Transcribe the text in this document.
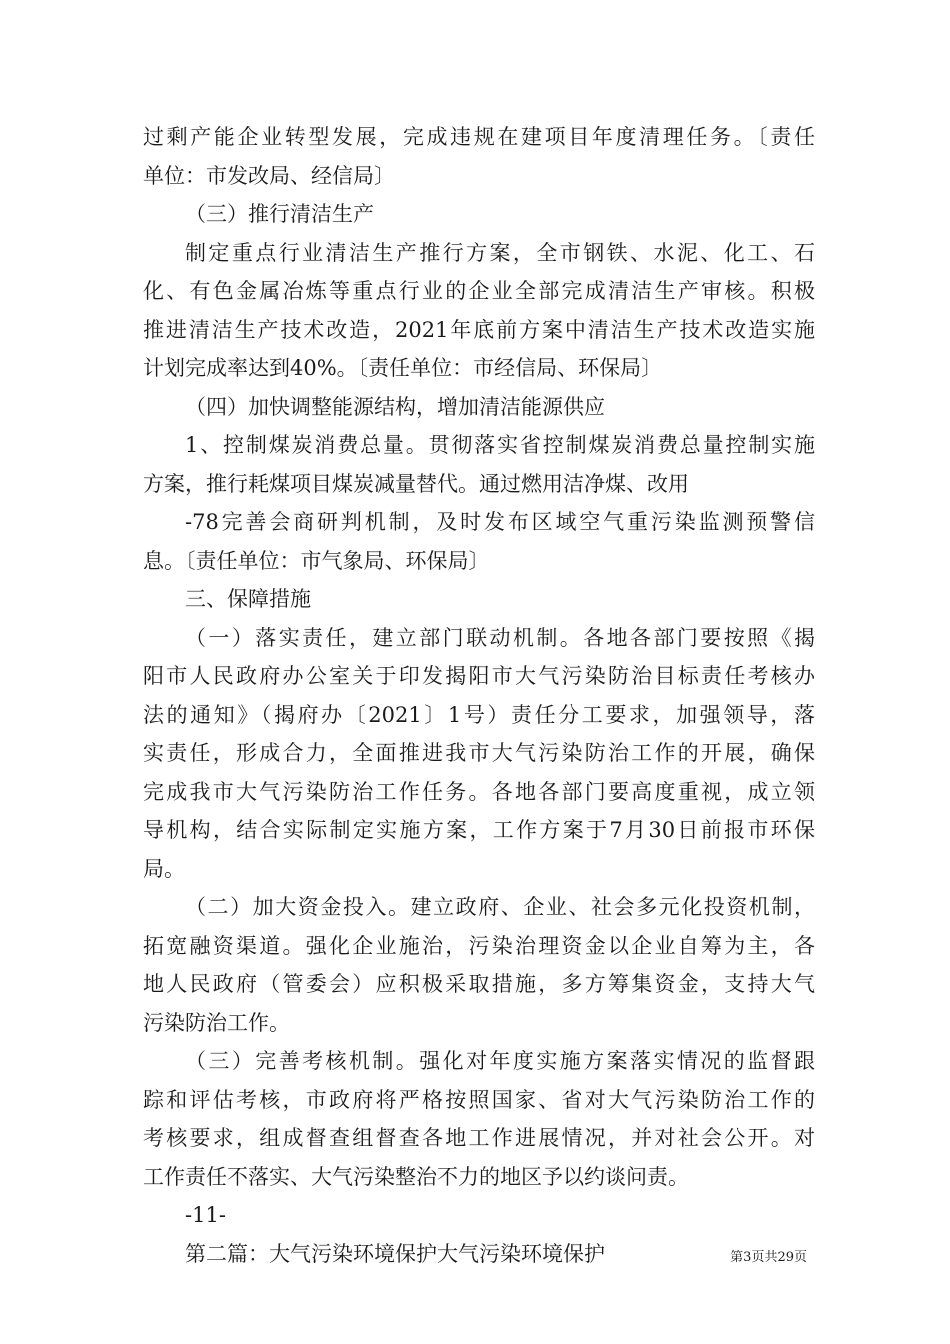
过剩产能企业转型发展，完成违规在建项目年度清理任务。〔责任
单位：市发改局、经信局〕
（三）推行清洁生产
制定重点行业清洁生产推行方案，全市钢铁、水泥、化工、石
化、有色金属冶炼等重点行业的企业全部完成清洁生产审核。积极
推进清洁生产技术改造，2021年底前方案中清洁生产技术改造实施
计划完成率达到40%。〔责任单位：市经信局、环保局〕
（四）加快调整能源结构，增加清洁能源供应
1、控制煤炭消费总量。贯彻落实省控制煤炭消费总量控制实施
方案，推行耗煤项目煤炭减量替代。通过燃用洁净煤、改用
-78完善会商研判机制，及时发布区域空气重污染监测预警信
息。〔责任单位：市气象局、环保局〕
三、保障措施
（一）落实责任，建立部门联动机制。各地各部门要按照《揭
阳市人民政府办公室关于印发揭阳市大气污染防治目标责任考核办
法的通知》（揭府办〔2021〕1号）责任分工要求，加强领导，落
实责任，形成合力，全面推进我市大气污染防治工作的开展，确保
完成我市大气污染防治工作任务。各地各部门要高度重视，成立领
导机构，结合实际制定实施方案，工作方案于7月30日前报市环保
局。
（二）加大资金投入。建立政府、企业、社会多元化投资机制，
拓宽融资渠道。强化企业施治，污染治理资金以企业自筹为主，各
地人民政府（管委会）应积极采取措施，多方筹集资金，支持大气
污染防治工作。
（三）完善考核机制。强化对年度实施方案落实情况的监督跟
踪和评估考核，市政府将严格按照国家、省对大气污染防治工作的
考核要求，组成督查组督查各地工作进展情况，并对社会公开。对
工作责任不落实、大气污染整治不力的地区予以约谈问责。
-11-
第二篇：大气污染环境保护大气污染环境保护	第3页共29页
